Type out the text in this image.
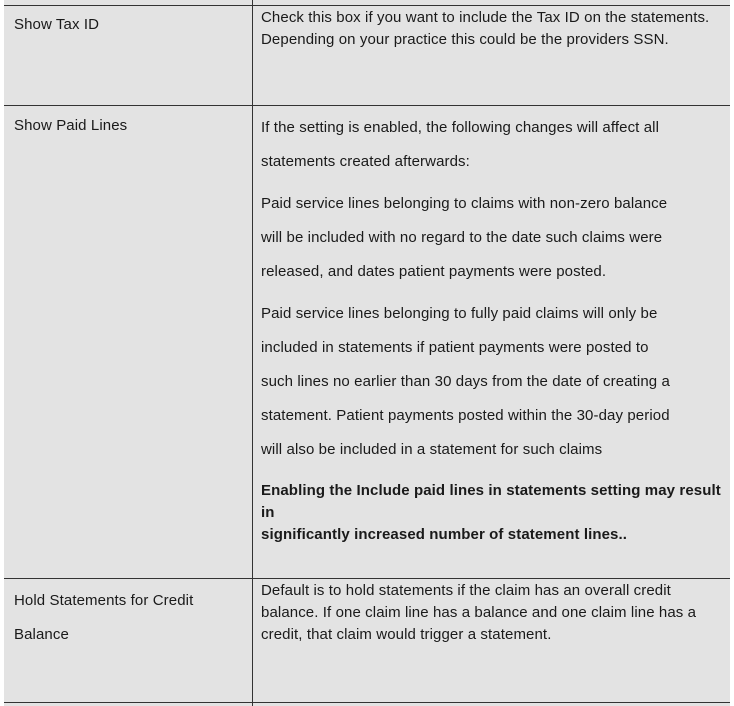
Show Tax ID	Check this box if you want to include the Tax ID on the statements.

Depending on your practice this could be the providers SSN.

Show Paid Lines	If the setting is enabled, the following changes will affect all

statements created afterwards:

Paid service lines belonging to claims with non-zero balance

will be included with no regard to the date such claims were

released, and dates patient payments were posted.

Paid service lines belonging to fully paid claims will only be

included in statements if patient payments were posted to

such lines no earlier than 30 days from the date of creating a

statement. Patient payments posted within the 30-day period

will also be included in a statement for such claims

Enabling the Include paid lines in statements setting may result in

significantly increased number of statement lines..

Hold Statements for Credit

Balance

Default is to hold statements if the claim has an overall credit

balance. If one claim line has a balance and one claim line has a

credit, that claim would trigger a statement.
